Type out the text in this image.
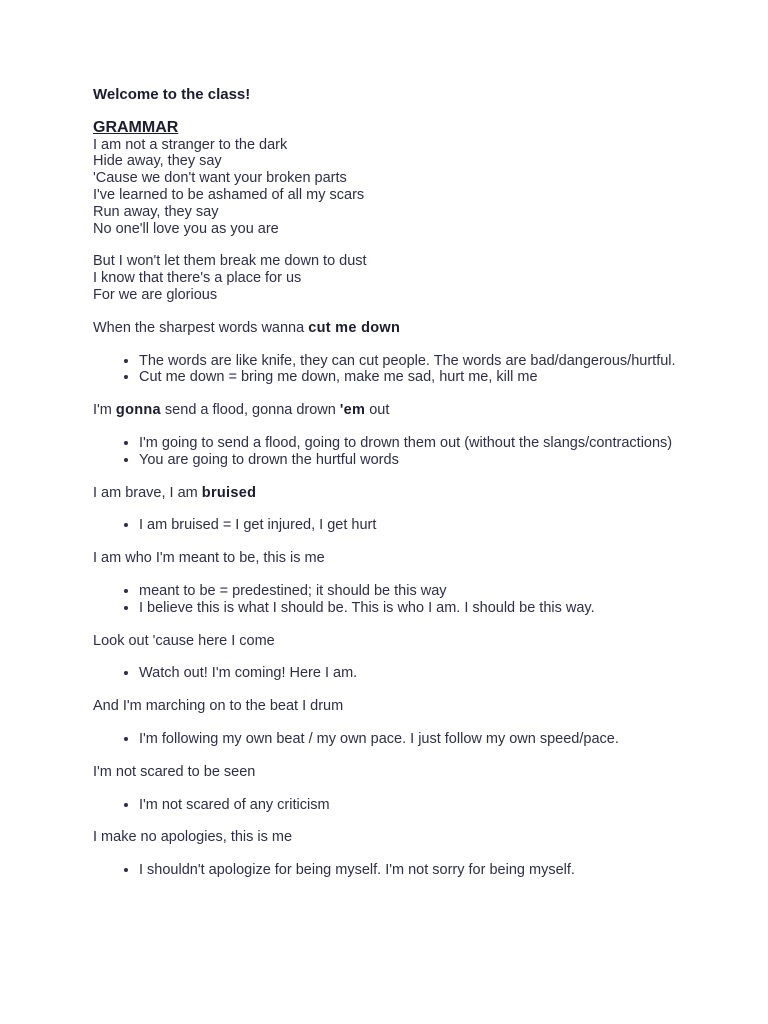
Welcome to the class!
GRAMMAR
I am not a stranger to the dark
Hide away, they say
'Cause we don't want your broken parts
I've learned to be ashamed of all my scars
Run away, they say
No one'll love you as you are
But I won't let them break me down to dust
I know that there's a place for us
For we are glorious

When the sharpest words wanna cut me down

• The words are like knife, they can cut people. The words are bad/dangerous/hurtful.
• Cut me down = bring me down, make me sad, hurt me, kill me

I'm gonna send a flood, gonna drown 'em out

• I'm going to send a flood, going to drown them out (without the slangs/contractions)
• You are going to drown the hurtful words

I am brave, I am bruised

• I am bruised = I get injured, I get hurt

I am who I'm meant to be, this is me

• meant to be = predestined; it should be this way
• I believe this is what I should be. This is who I am. I should be this way.

Look out 'cause here I come

• Watch out! I'm coming! Here I am.

And I'm marching on to the beat I drum

• I'm following my own beat / my own pace. I just follow my own speed/pace.

I'm not scared to be seen

• I'm not scared of any criticism

I make no apologies, this is me

• I shouldn't apologize for being myself. I'm not sorry for being myself.
